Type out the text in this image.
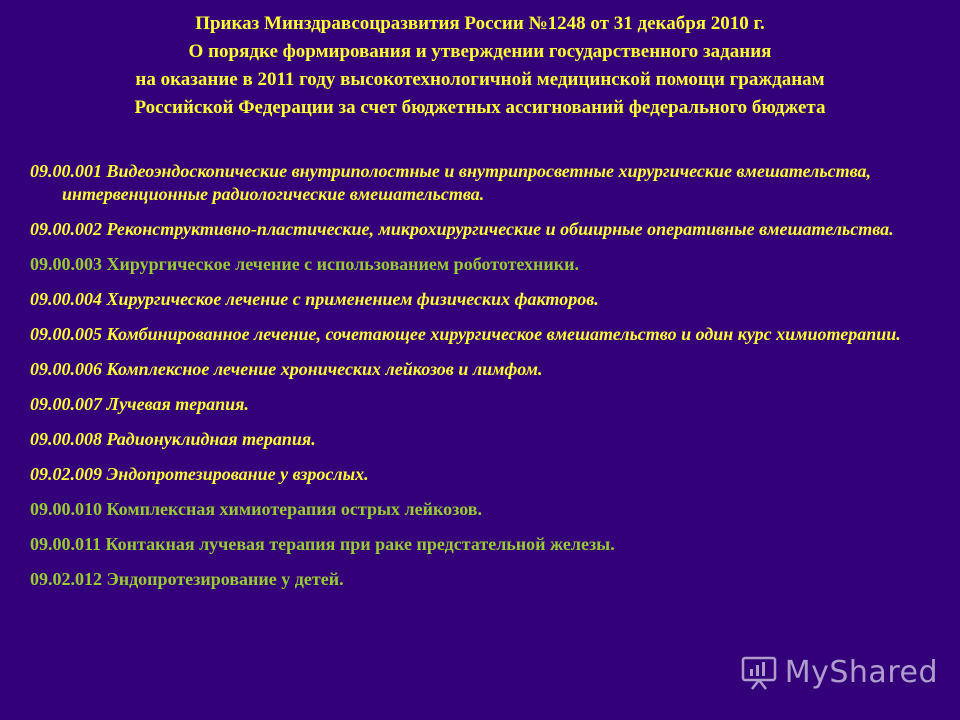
Приказ Минздравсоцразвития России №1248 от 31 декабря 2010 г.
О порядке формирования и утверждении государственного задания
на оказание в 2011 году высокотехнологичной медицинской помощи гражданам
Российской Федерации за счет бюджетных ассигнований федерального бюджета
09.00.001 Видеоэндоскопические внутриполостные и внутрипросветные хирургические вмешательства, интервенционные радиологические вмешательства.
09.00.002 Реконструктивно-пластические, микрохирургические и обширные оперативные вмешательства.
09.00.003 Хирургическое лечение с использованием робототехники.
09.00.004 Хирургическое лечение с применением физических факторов.
09.00.005 Комбинированное лечение, сочетающее хирургическое вмешательство и один курс химиотерапии.
09.00.006 Комплексное лечение хронических лейкозов и лимфом.
09.00.007 Лучевая терапия.
09.00.008 Радионуклидная терапия.
09.02.009 Эндопротезирование у взрослых.
09.00.010 Комплексная химиотерапия острых лейкозов.
09.00.011 Контакная лучевая терапия при раке предстательной железы.
09.02.012 Эндопротезирование у детей.
MyShared
